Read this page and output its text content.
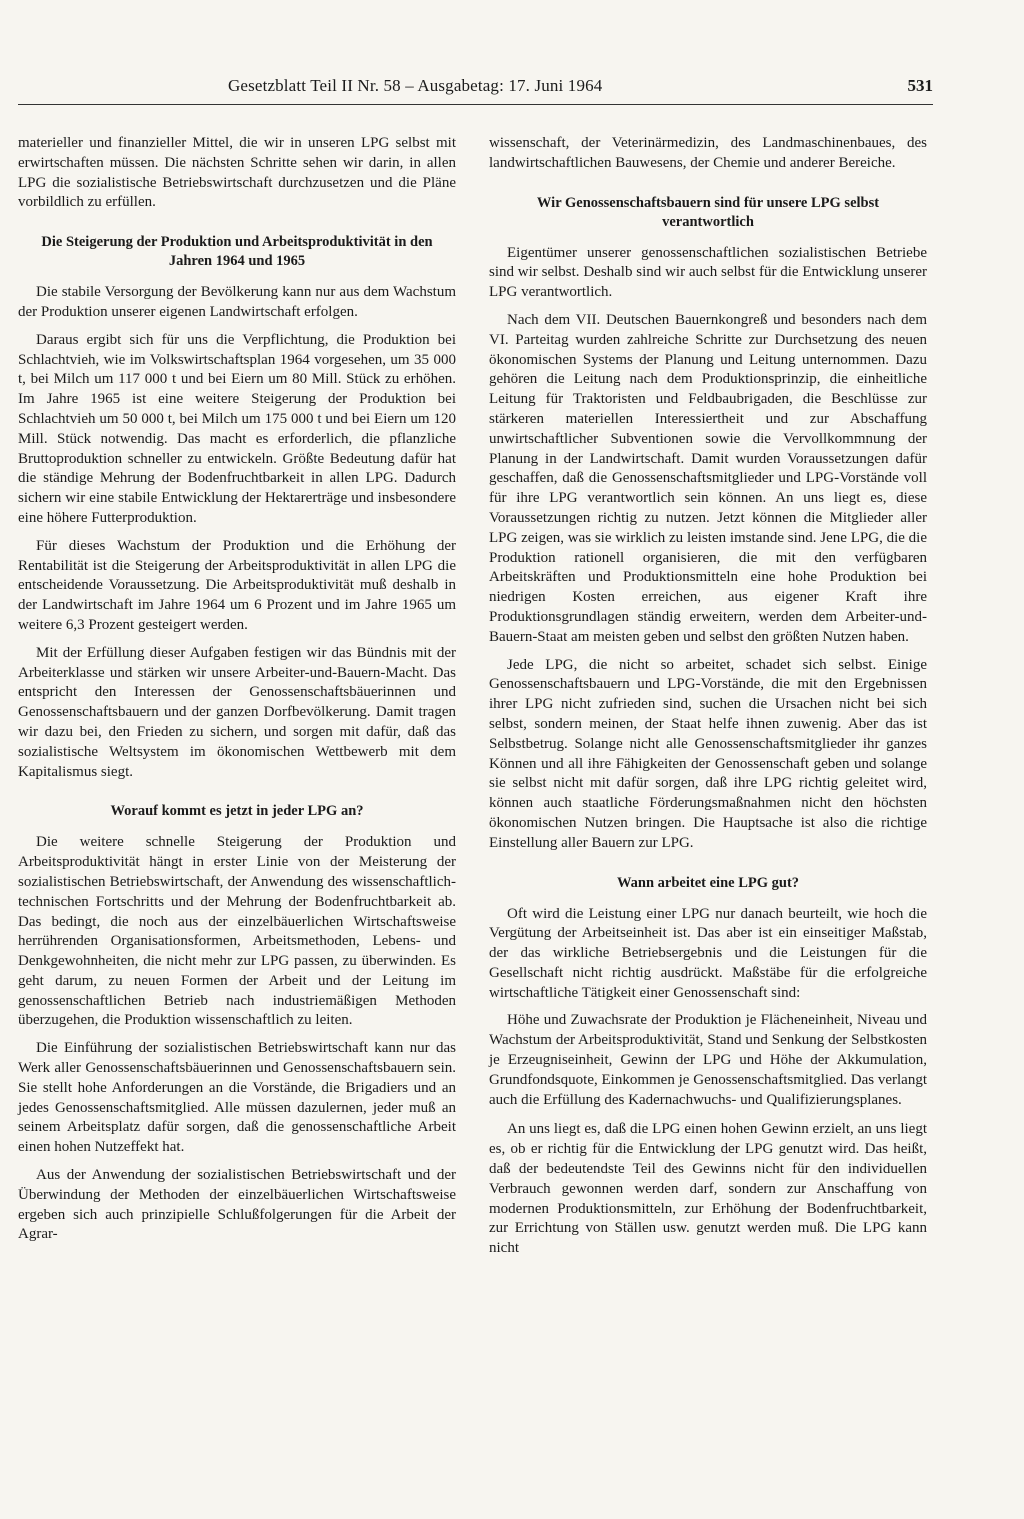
Gesetzblatt Teil II Nr. 58 – Ausgabetag: 17. Juni 1964	531

materieller und finanzieller Mittel, die wir in unseren LPG selbst mit erwirtschaften müssen. Die nächsten Schritte sehen wir darin, in allen LPG die sozialistische Betriebswirtschaft durchzusetzen und die Pläne vorbildlich zu erfüllen.

Die Steigerung der Produktion und Arbeitsproduktivität in den Jahren 1964 und 1965

Die stabile Versorgung der Bevölkerung kann nur aus dem Wachstum der Produktion unserer eigenen Landwirtschaft erfolgen.

Daraus ergibt sich für uns die Verpflichtung, die Produktion bei Schlachtvieh, wie im Volkswirtschaftsplan 1964 vorgesehen, um 35 000 t, bei Milch um 117 000 t und bei Eiern um 80 Mill. Stück zu erhöhen. Im Jahre 1965 ist eine weitere Steigerung der Produktion bei Schlachtvieh um 50 000 t, bei Milch um 175 000 t und bei Eiern um 120 Mill. Stück notwendig. Das macht es erforderlich, die pflanzliche Bruttoproduktion schneller zu entwickeln. Größte Bedeutung dafür hat die ständige Mehrung der Bodenfruchtbarkeit in allen LPG. Dadurch sichern wir eine stabile Entwicklung der Hektarerträge und insbesondere eine höhere Futterproduktion.

Für dieses Wachstum der Produktion und die Erhöhung der Rentabilität ist die Steigerung der Arbeitsproduktivität in allen LPG die entscheidende Voraussetzung. Die Arbeitsproduktivität muß deshalb in der Landwirtschaft im Jahre 1964 um 6 Prozent und im Jahre 1965 um weitere 6,3 Prozent gesteigert werden.

Mit der Erfüllung dieser Aufgaben festigen wir das Bündnis mit der Arbeiterklasse und stärken wir unsere Arbeiter-und-Bauern-Macht. Das entspricht den Interessen der Genossenschaftsbäuerinnen und Genossenschaftsbauern und der ganzen Dorfbevölkerung. Damit tragen wir dazu bei, den Frieden zu sichern, und sorgen mit dafür, daß das sozialistische Weltsystem im ökonomischen Wettbewerb mit dem Kapitalismus siegt.

Worauf kommt es jetzt in jeder LPG an?

Die weitere schnelle Steigerung der Produktion und Arbeitsproduktivität hängt in erster Linie von der Meisterung der sozialistischen Betriebswirtschaft, der Anwendung des wissenschaftlich-technischen Fortschritts und der Mehrung der Bodenfruchtbarkeit ab. Das bedingt, die noch aus der einzelbäuerlichen Wirtschaftsweise herrührenden Organisationsformen, Arbeitsmethoden, Lebens- und Denkgewohnheiten, die nicht mehr zur LPG passen, zu überwinden. Es geht darum, zu neuen Formen der Arbeit und der Leitung im genossenschaftlichen Betrieb nach industriemäßigen Methoden überzugehen, die Produktion wissenschaftlich zu leiten.

Die Einführung der sozialistischen Betriebswirtschaft kann nur das Werk aller Genossenschaftsbäuerinnen und Genossenschaftsbauern sein. Sie stellt hohe Anforderungen an die Vorstände, die Brigadiers und an jedes Genossenschaftsmitglied. Alle müssen dazulernen, jeder muß an seinem Arbeitsplatz dafür sorgen, daß die genossenschaftliche Arbeit einen hohen Nutzeffekt hat.

Aus der Anwendung der sozialistischen Betriebswirtschaft und der Überwindung der Methoden der einzelbäuerlichen Wirtschaftsweise ergeben sich auch prinzipielle Schlußfolgerungen für die Arbeit der Agrar-

wissenschaft, der Veterinärmedizin, des Landmaschinenbaues, des landwirtschaftlichen Bauwesens, der Chemie und anderer Bereiche.

Wir Genossenschaftsbauern sind für unsere LPG selbst verantwortlich

Eigentümer unserer genossenschaftlichen sozialistischen Betriebe sind wir selbst. Deshalb sind wir auch selbst für die Entwicklung unserer LPG verantwortlich.

Nach dem VII. Deutschen Bauernkongreß und besonders nach dem VI. Parteitag wurden zahlreiche Schritte zur Durchsetzung des neuen ökonomischen Systems der Planung und Leitung unternommen. Dazu gehören die Leitung nach dem Produktionsprinzip, die einheitliche Leitung für Traktoristen und Feldbaubrigaden, die Beschlüsse zur stärkeren materiellen Interessiertheit und zur Abschaffung unwirtschaftlicher Subventionen sowie die Vervollkommnung der Planung in der Landwirtschaft. Damit wurden Voraussetzungen dafür geschaffen, daß die Genossenschaftsmitglieder und LPG-Vorstände voll für ihre LPG verantwortlich sein können. An uns liegt es, diese Voraussetzungen richtig zu nutzen. Jetzt können die Mitglieder aller LPG zeigen, was sie wirklich zu leisten imstande sind. Jene LPG, die die Produktion rationell organisieren, die mit den verfügbaren Arbeitskräften und Produktionsmitteln eine hohe Produktion bei niedrigen Kosten erreichen, aus eigener Kraft ihre Produktionsgrundlagen ständig erweitern, werden dem Arbeiter-und-Bauern-Staat am meisten geben und selbst den größten Nutzen haben.

Jede LPG, die nicht so arbeitet, schadet sich selbst. Einige Genossenschaftsbauern und LPG-Vorstände, die mit den Ergebnissen ihrer LPG nicht zufrieden sind, suchen die Ursachen nicht bei sich selbst, sondern meinen, der Staat helfe ihnen zuwenig. Aber das ist Selbstbetrug. Solange nicht alle Genossenschaftsmitglieder ihr ganzes Können und all ihre Fähigkeiten der Genossenschaft geben und solange sie selbst nicht mit dafür sorgen, daß ihre LPG richtig geleitet wird, können auch staatliche Förderungsmaßnahmen nicht den höchsten ökonomischen Nutzen bringen. Die Hauptsache ist also die richtige Einstellung aller Bauern zur LPG.

Wann arbeitet eine LPG gut?

Oft wird die Leistung einer LPG nur danach beurteilt, wie hoch die Vergütung der Arbeitseinheit ist. Das aber ist ein einseitiger Maßstab, der das wirkliche Betriebsergebnis und die Leistungen für die Gesellschaft nicht richtig ausdrückt. Maßstäbe für die erfolgreiche wirtschaftliche Tätigkeit einer Genossenschaft sind:

Höhe und Zuwachsrate der Produktion je Flächeneinheit, Niveau und Wachstum der Arbeitsproduktivität, Stand und Senkung der Selbstkosten je Erzeugniseinheit, Gewinn der LPG und Höhe der Akkumulation, Grundfondsquote, Einkommen je Genossenschaftsmitglied. Das verlangt auch die Erfüllung des Kadernachwuchs- und Qualifizierungsplanes.

An uns liegt es, daß die LPG einen hohen Gewinn erzielt, an uns liegt es, ob er richtig für die Entwicklung der LPG genutzt wird. Das heißt, daß der bedeutendste Teil des Gewinns nicht für den individuellen Verbrauch gewonnen werden darf, sondern zur Anschaffung von modernen Produktionsmitteln, zur Erhöhung der Bodenfruchtbarkeit, zur Errichtung von Ställen usw. genutzt werden muß. Die LPG kann nicht
